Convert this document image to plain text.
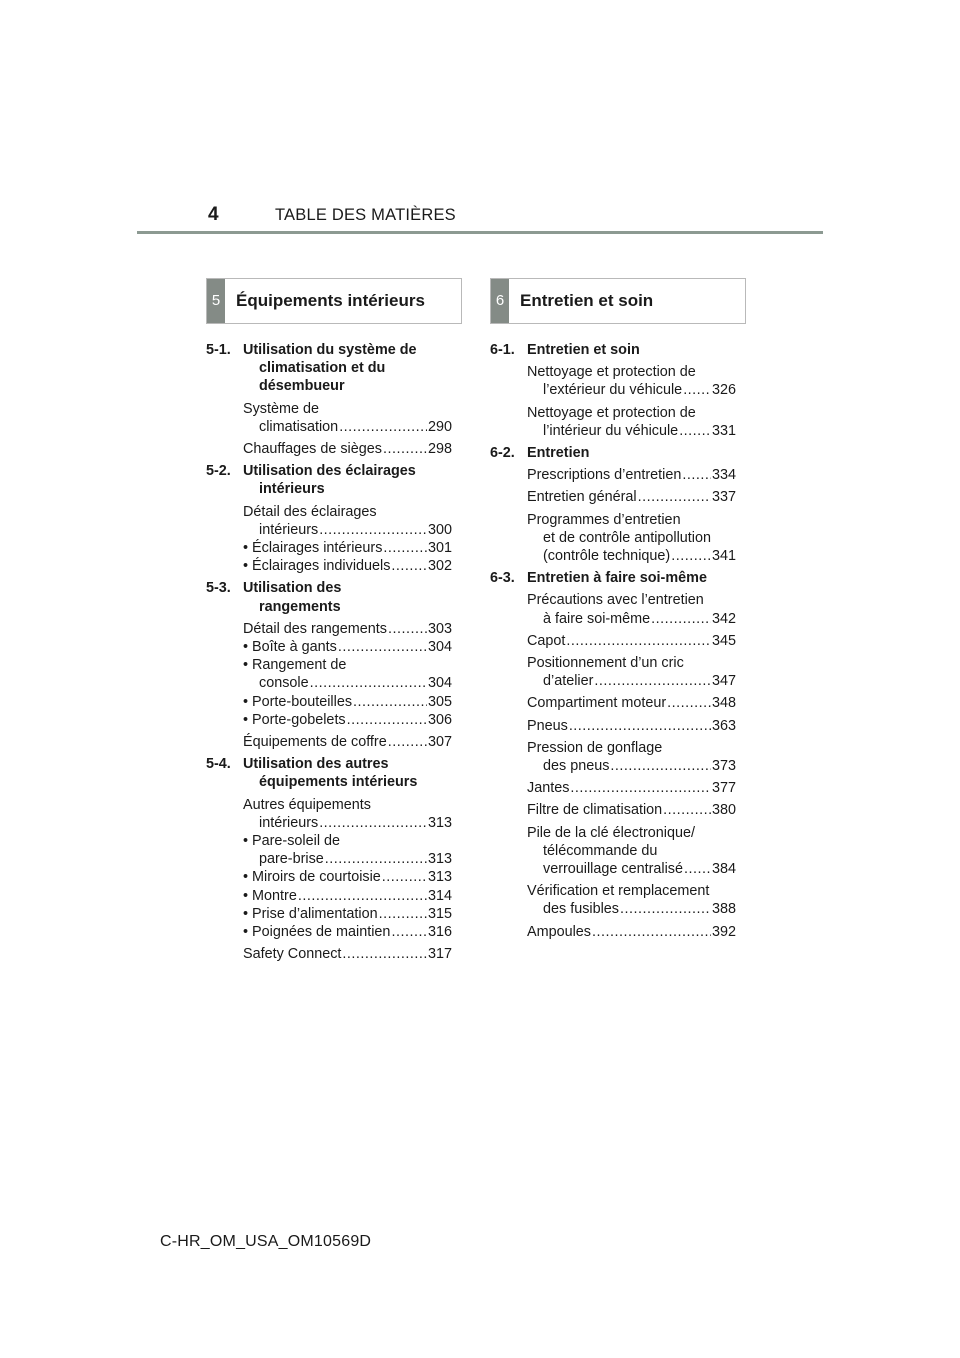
4	TABLE DES MATIÈRES
5 Équipements intérieurs	6 Entretien et soin
5-1. Utilisation du système de
climatisation et du
désembueur
Système de
climatisation .....	290
Chauffages de sièges .....	298
5-2. Utilisation des éclairages
intérieurs
Détail des éclairages
intérieurs .....	300
• Éclairages intérieurs .....	301
• Éclairages individuels .....	302
5-3. Utilisation des
rangements
Détail des rangements .....	303
• Boîte à gants .....	304
• Rangement de
console .....	304
• Porte-bouteilles .....	305
• Porte-gobelets .....	306
Équipements de coffre .....	307
5-4. Utilisation des autres
équipements intérieurs
Autres équipements
intérieurs .....	313
• Pare-soleil de
pare-brise .....	313
• Miroirs de courtoisie .....	313
• Montre .....	314
• Prise d’alimentation .....	315
• Poignées de maintien .....	316
Safety Connect .....	317
6-1. Entretien et soin
Nettoyage et protection de
l’extérieur du véhicule ..... 326
Nettoyage et protection de
l’intérieur du véhicule ..... 331
6-2. Entretien
Prescriptions d’entretien ..... 334
Entretien général .....	337
Programmes d’entretien
et de contrôle antipollution
(contrôle technique) .....	341
6-3. Entretien à faire soi-même
Précautions avec l’entretien
à faire soi-même .....	342
Capot .....	345
Positionnement d’un cric
d’atelier .....	347
Compartiment moteur .....	348
Pneus .....	363
Pression de gonflage
des pneus .....	373
Jantes .....	377
Filtre de climatisation .....	380
Pile de la clé électronique/
télécommande du
verrouillage centralisé ..... 384
Vérification et remplacement
des fusibles .....	388
Ampoules .....	392
C-HR_OM_USA_OM10569D
